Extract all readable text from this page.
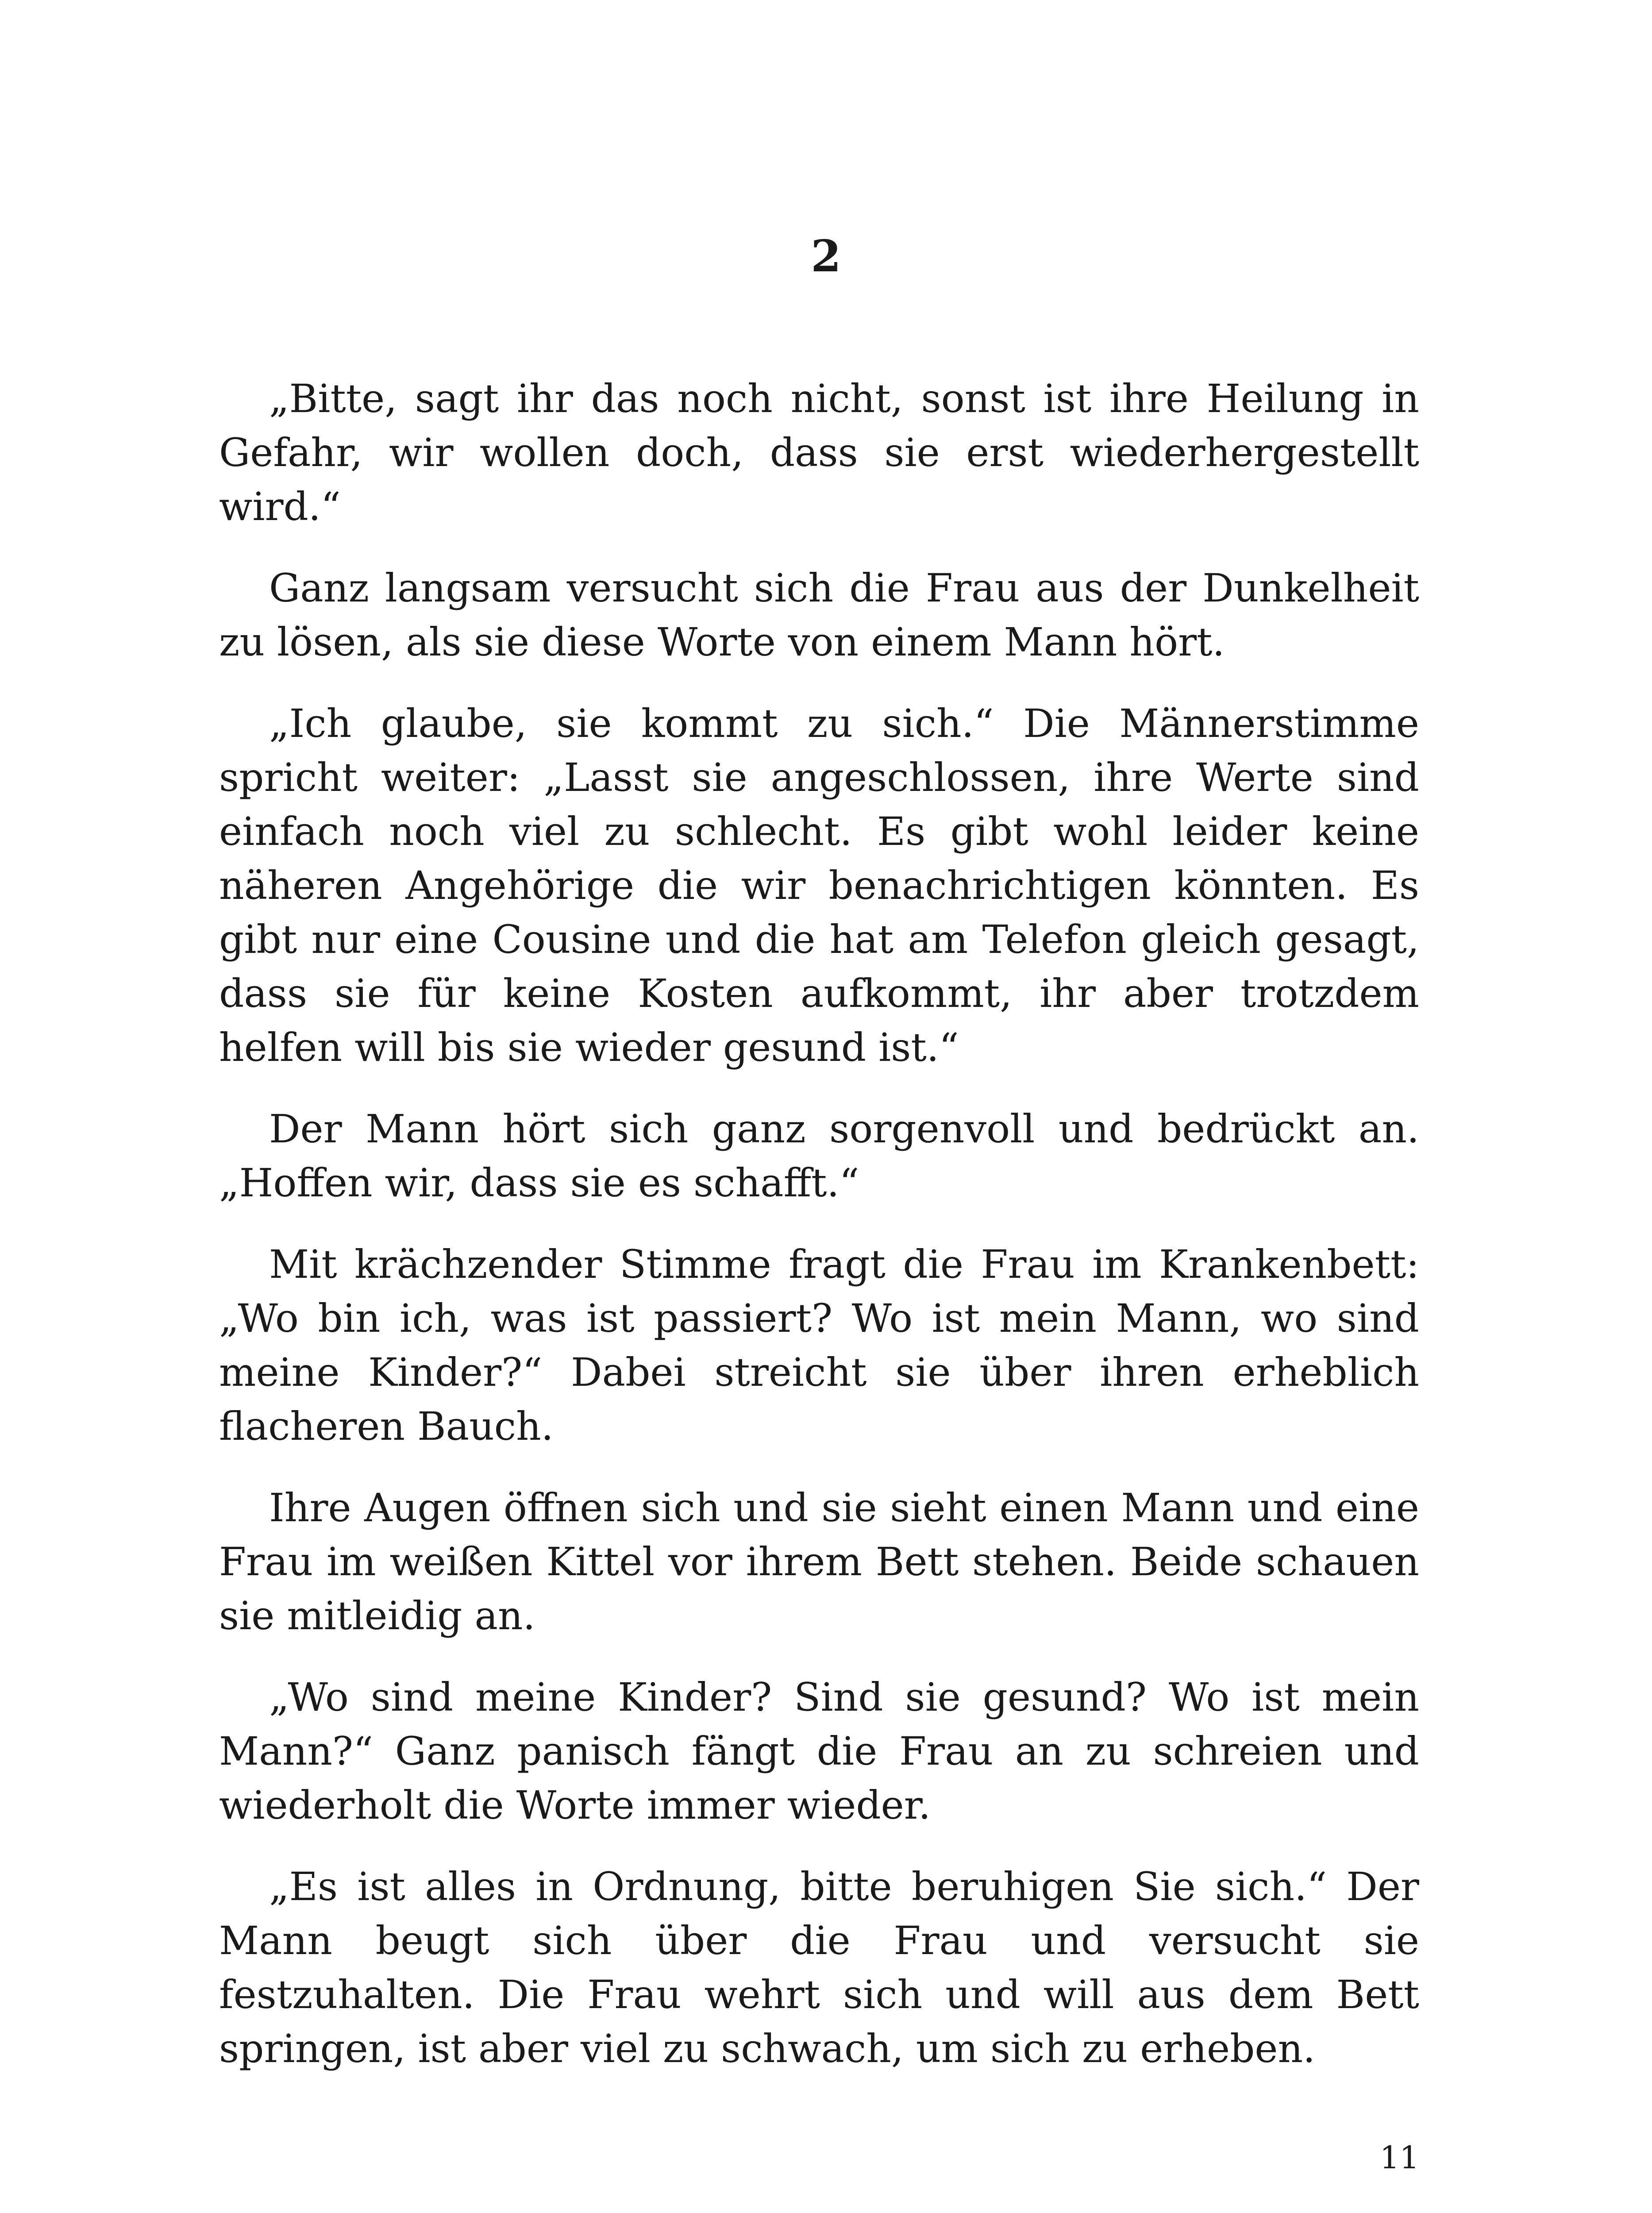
2

„Bitte, sagt ihr das noch nicht, sonst ist ihre Heilung in Gefahr, wir wollen doch, dass sie erst wiederhergestellt wird.“

Ganz langsam versucht sich die Frau aus der Dunkelheit zu lösen, als sie diese Worte von einem Mann hört.

„Ich glaube, sie kommt zu sich.“ Die Männerstimme spricht weiter: „Lasst sie angeschlossen, ihre Werte sind einfach noch viel zu schlecht. Es gibt wohl leider keine näheren Angehörige die wir benachrichtigen könnten. Es gibt nur eine Cousine und die hat am Telefon gleich gesagt, dass sie für keine Kosten aufkommt, ihr aber trotzdem helfen will bis sie wieder gesund ist.“

Der Mann hört sich ganz sorgenvoll und bedrückt an. „Hoffen wir, dass sie es schafft.“

Mit krächzender Stimme fragt die Frau im Krankenbett: „Wo bin ich, was ist passiert? Wo ist mein Mann, wo sind meine Kinder?“ Dabei streicht sie über ihren erheblich flacheren Bauch.

Ihre Augen öffnen sich und sie sieht einen Mann und eine Frau im weißen Kittel vor ihrem Bett stehen. Beide schauen sie mitleidig an.

„Wo sind meine Kinder? Sind sie gesund? Wo ist mein Mann?“ Ganz panisch fängt die Frau an zu schreien und wiederholt die Worte immer wieder.

„Es ist alles in Ordnung, bitte beruhigen Sie sich.“ Der Mann beugt sich über die Frau und versucht sie festzuhalten. Die Frau wehrt sich und will aus dem Bett springen, ist aber viel zu schwach, um sich zu erheben.

11
